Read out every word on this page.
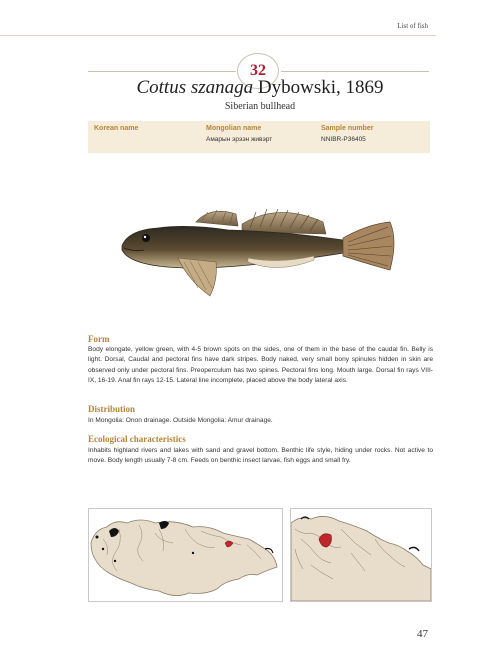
List of fish
32
Cottus szanaga Dybowski, 1869
Siberian bullhead
Korean name	Mongolian name
Амарын эрээн живэрт
Sample number
NNIBR-P36405
Form
Body elongate, yellow green, with 4-5 brown spots on the sides, one of them in the base of the caudal fin. Belly is light. Dorsal, Caudal and pectoral fins have dark stripes. Body naked, very small bony spinules hidden in skin are observed only under pectoral fins. Preoperculum has two spines. Pectoral fins long. Mouth large. Dorsal fin rays VIII-IX, 16-19. Anal fin rays 12-15. Lateral line incomplete, placed above the body lateral axis.
Distribution
In Mongolia: Onon drainage. Outside Mongolia: Amur drainage.
Ecological characteristics
Inhabits highland rivers and lakes with sand and gravel bottom. Benthic life style, hiding under rocks. Not active to move. Body length usually 7-8 cm. Feeds on benthic insect larvae, fish eggs and small fry.
47
